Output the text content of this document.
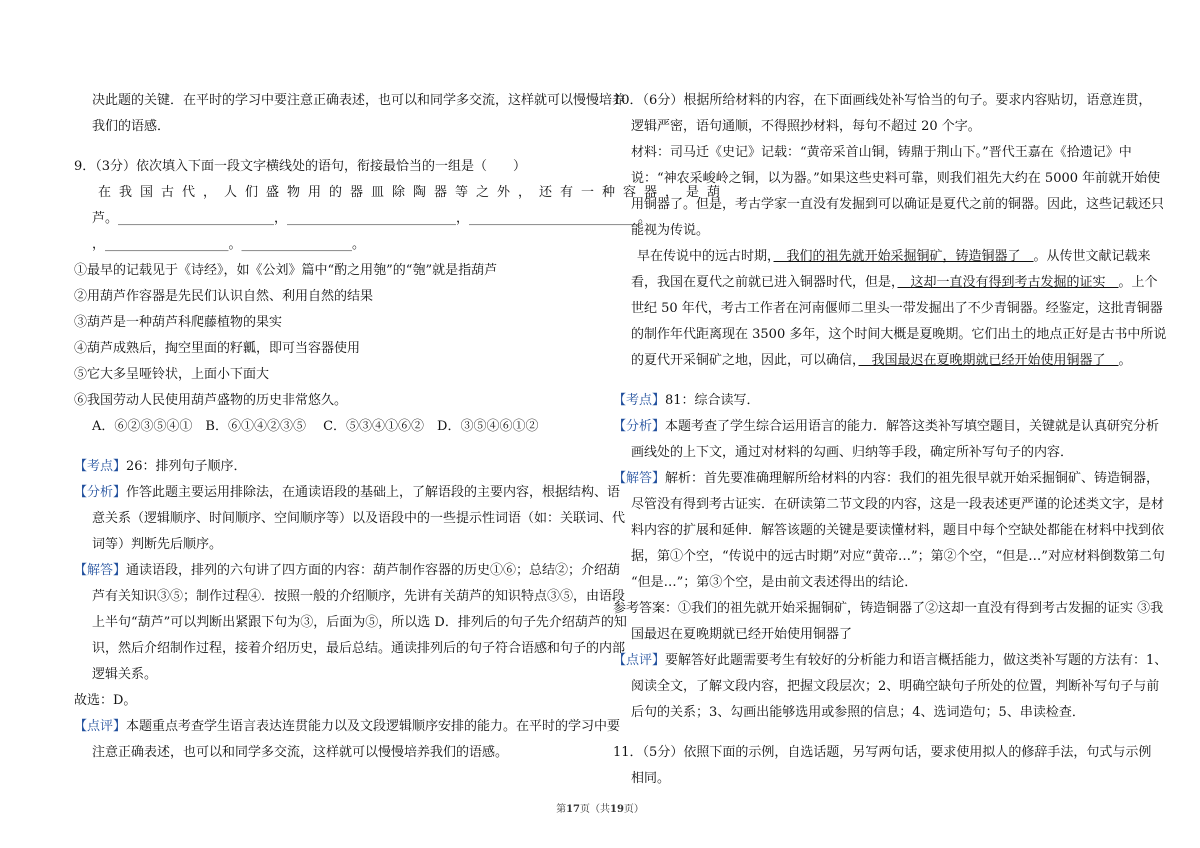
决此题的关键．在平时的学习中要注意正确表述，也可以和同学多交流，这样就可以慢慢培养
我们的语感．
9．（3分）依次填入下面一段文字横线处的语句，衔接最恰当的一组是（　　）
在我国古代，人们盛物用的器皿除陶器等之外，还有一种容器，是葫
芦。________________________，__________________________，__________________________。
，___________________。_________________。
①最早的记载见于《诗经》，如《公刘》篇中“酌之用匏”的“匏”就是指葫芦
②用葫芦作容器是先民们认识自然、利用自然的结果
③葫芦是一种葫芦科爬藤植物的果实
④葫芦成熟后，掏空里面的籽瓤，即可当容器使用
⑤它大多呈哑铃状，上面小下面大
⑥我国劳动人民使用葫芦盛物的历史非常悠久。
A．⑥②③⑤④①　B．⑥①④②③⑤　 C．⑤③④①⑥②　D．③⑤④⑥①②
【考点】26：排列句子顺序．
【分析】作答此题主要运用排除法，在通读语段的基础上，了解语段的主要内容，根据结构、语
意关系（逻辑顺序、时间顺序、空间顺序等）以及语段中的一些提示性词语（如：关联词、代
词等）判断先后顺序。
【解答】通读语段，排列的六句讲了四方面的内容：葫芦制作容器的历史①⑥；总结②；介绍葫
芦有关知识③⑤；制作过程④．按照一般的介绍顺序，先讲有关葫芦的知识特点③⑤，由语段
上半句“葫芦”可以判断出紧跟下句为③，后面为⑤，所以选 D．排列后的句子先介绍葫芦的知
识，然后介绍制作过程，接着介绍历史，最后总结。通读排列后的句子符合语感和句子的内部
逻辑关系。
故选：D。
【点评】本题重点考查学生语言表达连贯能力以及文段逻辑顺序安排的能力。在平时的学习中要
注意正确表述，也可以和同学多交流，这样就可以慢慢培养我们的语感。
10．（6分）根据所给材料的内容，在下面画线处补写恰当的句子。要求内容贴切，语意连贯，
逻辑严密，语句通顺，不得照抄材料，每句不超过 20 个字。
材料：司马迁《史记》记载：“黄帝采首山铜，铸鼎于荆山下。”晋代王嘉在《拾遗记》中
说：“神农采峻岭之铜，以为器。”如果这些史料可靠，则我们祖先大约在 5000 年前就开始使
用铜器了。但是，考古学家一直没有发掘到可以确证是夏代之前的铜器。因此，这些记载还只
能视为传说。
早在传说中的远古时期，　我们的祖先就开始采掘铜矿，铸造铜器了　。从传世文献记载来
看，我国在夏代之前就已进入铜器时代，但是，　这却一直没有得到考古发掘的证实　。上个
世纪 50 年代，考古工作者在河南偃师二里头一带发掘出了不少青铜器。经鉴定，这批青铜器
的制作年代距离现在 3500 多年，这个时间大概是夏晚期。它们出土的地点正好是古书中所说
的夏代开采铜矿之地，因此，可以确信，　我国最迟在夏晚期就已经开始使用铜器了　。
【考点】81：综合读写．
【分析】本题考查了学生综合运用语言的能力．解答这类补写填空题目，关键就是认真研究分析
画线处的上下文，通过对材料的勾画、归纳等手段，确定所补写句子的内容．
【解答】解析：首先要准确理解所给材料的内容：我们的祖先很早就开始采掘铜矿、铸造铜器，
尽管没有得到考古证实．在研读第二节文段的内容，这是一段表述更严谨的论述类文字，是材
料内容的扩展和延伸．解答该题的关键是要读懂材料，题目中每个空缺处都能在材料中找到依
据，第①个空，“传说中的远古时期”对应“黄帝…”；第②个空，“但是…”对应材料倒数第二句
“但是…”；第③个空，是由前文表述得出的结论．
参考答案：①我们的祖先就开始采掘铜矿，铸造铜器了②这却一直没有得到考古发掘的证实 ③我
国最迟在夏晚期就已经开始使用铜器了
【点评】要解答好此题需要考生有较好的分析能力和语言概括能力，做这类补写题的方法有：1、
阅读全文，了解文段内容，把握文段层次；2、明确空缺句子所处的位置，判断补写句子与前
后句的关系；3、勾画出能够选用或参照的信息；4、选词造句；5、串读检查．
11．（5分）依照下面的示例，自选话题，另写两句话，要求使用拟人的修辞手法，句式与示例
相同。
第17页（共19页）
